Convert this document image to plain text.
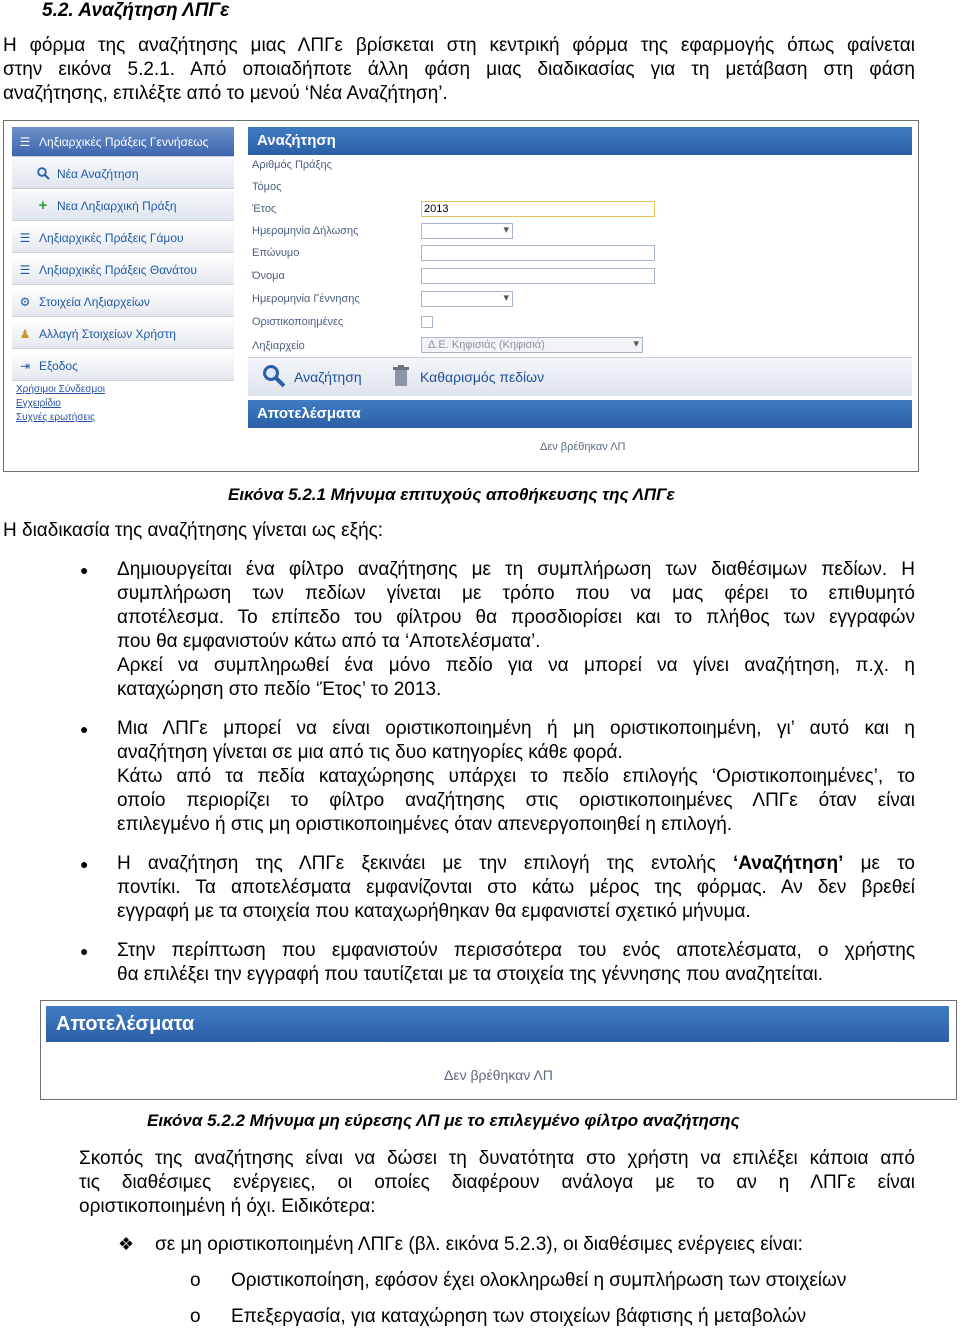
5.2. Αναζήτηση ΛΠΓε
Η φόρμα της αναζήτησης μιας ΛΠΓε βρίσκεται στη κεντρική φόρμα της εφαρμογής όπως φαίνεται
στην εικόνα 5.2.1. Από οποιαδήποτε άλλη φάση μιας διαδικασίας για τη μετάβαση στη φάση
αναζήτησης, επιλέξτε από το μενού ‘Νέα Αναζήτηση’.
☰ Ληξιαρχικές Πράξεις Γεννήσεως
Νέα Αναζήτηση
+ Νεα Ληξιαρχική Πράξη
☰ Ληξιαρχικές Πράξεις Γάμου
☰ Ληξιαρχικές Πράξεις Θανάτου
⚙ Στοιχεία Ληξιαρχείων
♟ Αλλαγή Στοιχείων Χρήστη
⇥ Εξοδος
Χρήσιμοι Σύνδεσμοι
Εγχειρίδιο
Συχνές ερωτήσεις
Αναζήτηση
Αριθμός Πράξης
Τόμος
Έτος	2013
Ημερομηνία Δήλωσης
▾
Επώνυμο
Όνομα
Ημερομηνία Γέννησης
▾
Οριστικοποιημένες
Ληξιαρχείο	Δ.Ε. Κηφισιάς (Κηφισιά) ▾
Αναζήτηση	Καθαρισμός πεδίων
Αποτελέσματα
Δεν βρέθηκαν ΛΠ
Εικόνα 5.2.1 Μήνυμα επιτυχούς αποθήκευσης της ΛΠΓε
Η διαδικασία της αναζήτησης γίνεται ως εξής:
● Δημιουργείται ένα φίλτρο αναζήτησης με τη συμπλήρωση των διαθέσιμων πεδίων. Η
συμπλήρωση των πεδίων γίνεται με τρόπο που να μας φέρει το επιθυμητό
αποτέλεσμα. Το επίπεδο του φίλτρου θα προσδιορίσει και το πλήθος των εγγραφών
που θα εμφανιστούν κάτω από τα ‘Αποτελέσματα’.
Αρκεί να συμπληρωθεί ένα μόνο πεδίο για να μπορεί να γίνει αναζήτηση, π.χ. η
καταχώρηση στο πεδίο ‘Έτος’ το 2013.
● Μια ΛΠΓε μπορεί να είναι οριστικοποιημένη ή μη οριστικοποιημένη, γι’ αυτό και η
αναζήτηση γίνεται σε μια από τις δυο κατηγορίες κάθε φορά.
Κάτω από τα πεδία καταχώρησης υπάρχει το πεδίο επιλογής ‘Οριστικοποιημένες’, το
οποίο περιορίζει το φίλτρο αναζήτησης στις οριστικοποιημένες ΛΠΓε όταν είναι
επιλεγμένο ή στις μη οριστικοποιημένες όταν απενεργοποιηθεί η επιλογή.
● Η αναζήτηση της ΛΠΓε ξεκινάει με την επιλογή της εντολής ‘Αναζήτηση’ με το
ποντίκι. Τα αποτελέσματα εμφανίζονται στο κάτω μέρος της φόρμας. Αν δεν βρεθεί
εγγραφή με τα στοιχεία που καταχωρήθηκαν θα εμφανιστεί σχετικό μήνυμα.
● Στην περίπτωση που εμφανιστούν περισσότερα του ενός αποτελέσματα, ο χρήστης
θα επιλέξει την εγγραφή που ταυτίζεται με τα στοιχεία της γέννησης που αναζητείται.
Αποτελέσματα
Δεν βρέθηκαν ΛΠ
Εικόνα 5.2.2 Μήνυμα μη εύρεσης ΛΠ με το επιλεγμένο φίλτρο αναζήτησης
Σκοπός της αναζήτησης είναι να δώσει τη δυνατότητα στο χρήστη να επιλέξει κάποια από
τις διαθέσιμες ενέργειες, οι οποίες διαφέρουν ανάλογα με το αν η ΛΠΓε είναι
οριστικοποιημένη ή όχι. Ειδικότερα:
❖ σε μη οριστικοποιημένη ΛΠΓε (βλ. εικόνα 5.2.3), οι διαθέσιμες ενέργειες είναι:
o Οριστικοποίηση, εφόσον έχει ολοκληρωθεί η συμπλήρωση των στοιχείων
o Επεξεργασία, για καταχώρηση των στοιχείων βάφτισης ή μεταβολών
